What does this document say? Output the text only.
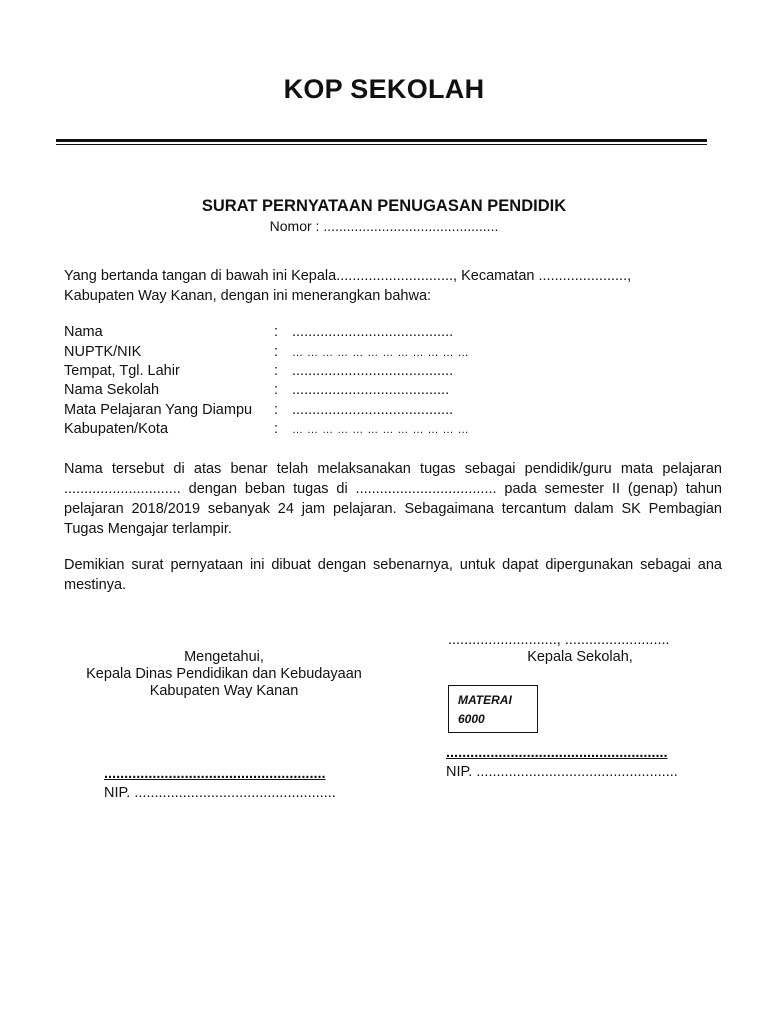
KOP SEKOLAH
SURAT PERNYATAAN PENUGASAN PENDIDIK
Nomor : .............................................
Yang bertanda tangan di bawah ini Kepala............................., Kecamatan ......................,
Kabupaten Way Kanan, dengan ini menerangkan bahwa:
Nama	: ........................................
NUPTK/NIK	: … … … … … … … … … … … …
Tempat, Tgl. Lahir	: ........................................
Nama Sekolah	: .......................................
Mata Pelajaran Yang Diampu : ........................................
Kabupaten/Kota	: … … … … … … … … … … … …
Nama tersebut di atas benar telah melaksanakan tugas sebagai pendidik/guru mata pelajaran ............................. dengan beban tugas di ................................... pada semester II (genap) tahun pelajaran 2018/2019 sebanyak 24 jam pelajaran. Sebagaimana tercantum dalam SK Pembagian Tugas Mengajar terlampir.
Demikian surat pernyataan ini dibuat dengan sebenarnya, untuk dapat dipergunakan sebagai ana mestinya.
..........................., ..........................
Kepala Sekolah,
Mengetahui,
Kepala Dinas Pendidikan dan Kebudayaan
Kabupaten Way Kanan
MATERAI
6000
.......................................................
NIP. ..................................................
.......................................................
NIP. ..................................................
